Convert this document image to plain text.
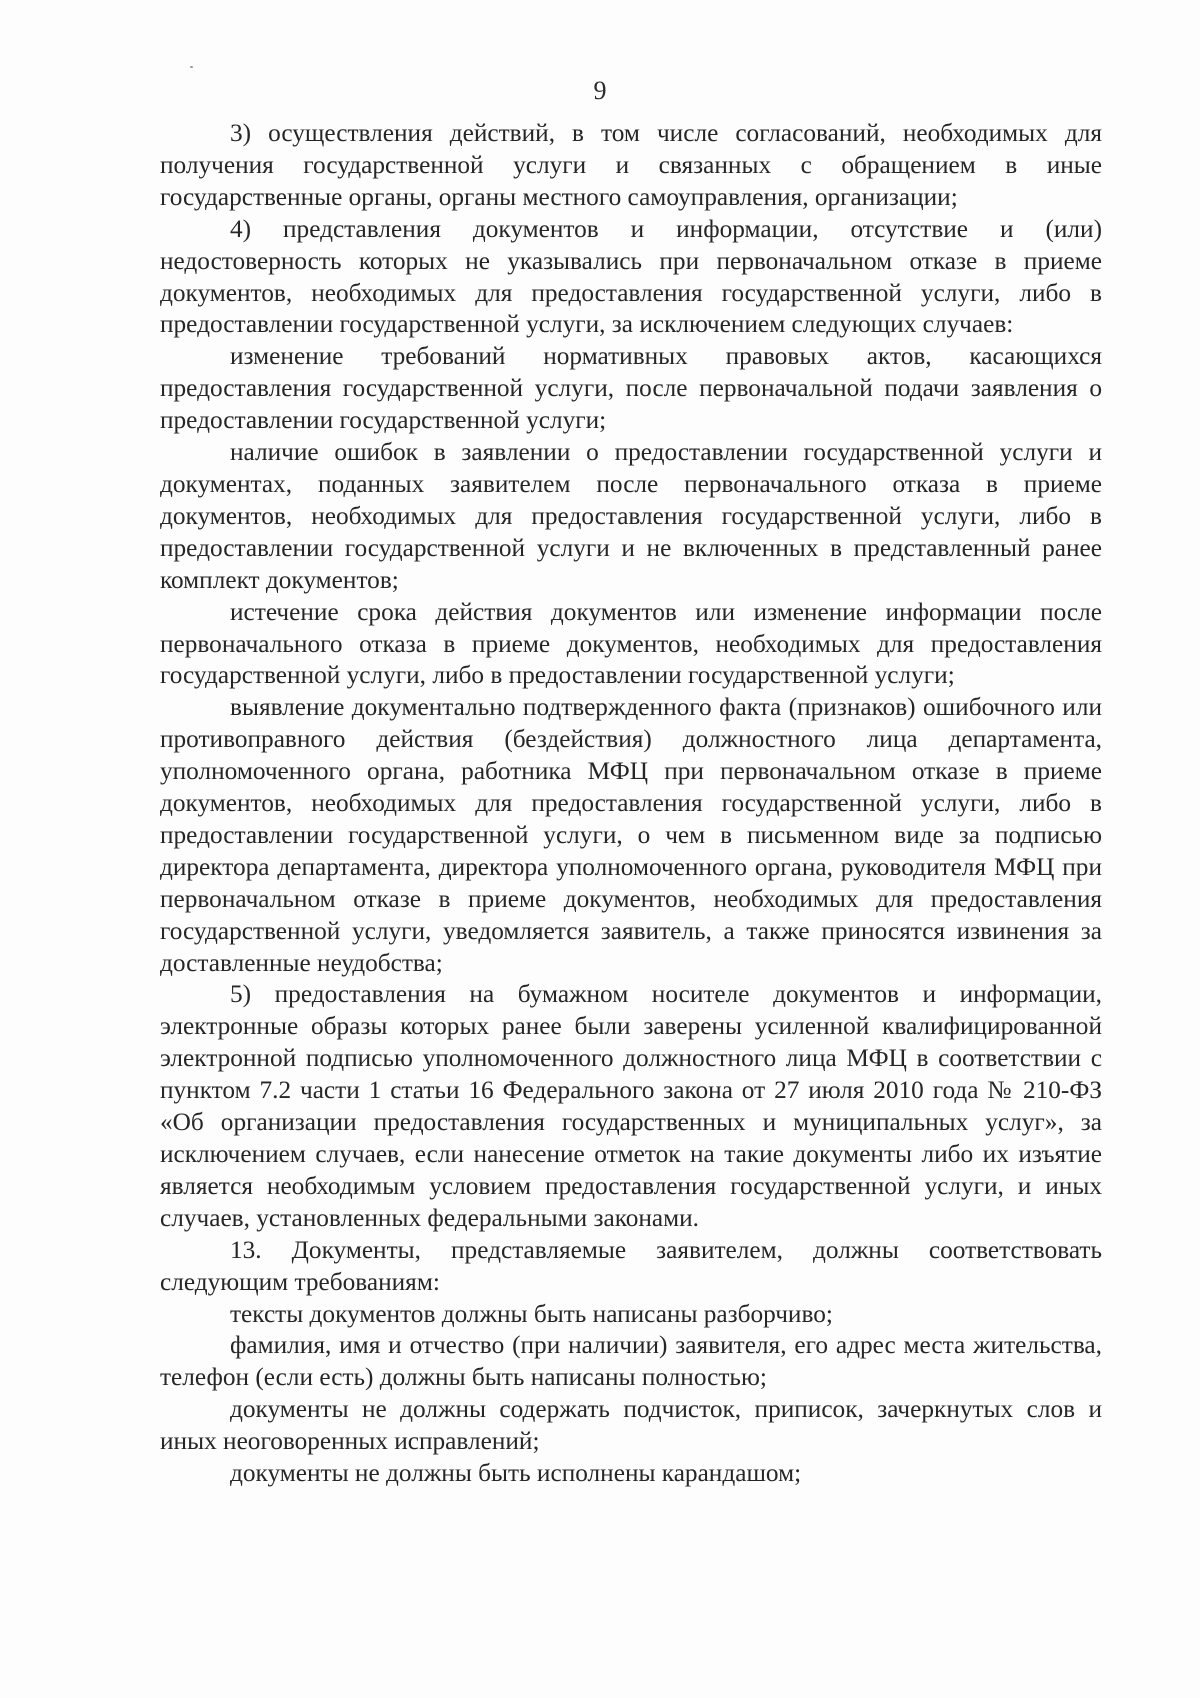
9

3) осуществления действий, в том числе согласований, необходимых для получения государственной услуги и связанных с обращением в иные государственные органы, органы местного самоуправления, организации;

4) представления документов и информации, отсутствие и (или) недостоверность которых не указывались при первоначальном отказе в приеме документов, необходимых для предоставления государственной услуги, либо в предоставлении государственной услуги, за исключением следующих случаев:

изменение требований нормативных правовых актов, касающихся предоставления государственной услуги, после первоначальной подачи заявления о предоставлении государственной услуги;

наличие ошибок в заявлении о предоставлении государственной услуги и документах, поданных заявителем после первоначального отказа в приеме документов, необходимых для предоставления государственной услуги, либо в предоставлении государственной услуги и не включенных в представленный ранее комплект документов;

истечение срока действия документов или изменение информации после первоначального отказа в приеме документов, необходимых для предоставления государственной услуги, либо в предоставлении государственной услуги;

выявление документально подтвержденного факта (признаков) ошибочного или противоправного действия (бездействия) должностного лица департамента, уполномоченного органа, работника МФЦ при первоначальном отказе в приеме документов, необходимых для предоставления государственной услуги, либо в предоставлении государственной услуги, о чем в письменном виде за подписью директора департамента, директора уполномоченного органа, руководителя МФЦ при первоначальном отказе в приеме документов, необходимых для предоставления государственной услуги, уведомляется заявитель, а также приносятся извинения за доставленные неудобства;

5) предоставления на бумажном носителе документов и информации, электронные образы которых ранее были заверены усиленной квалифицированной электронной подписью уполномоченного должностного лица МФЦ в соответствии с пунктом 7.2 части 1 статьи 16 Федерального закона от 27 июля 2010 года № 210-ФЗ «Об организации предоставления государственных и муниципальных услуг», за исключением случаев, если нанесение отметок на такие документы либо их изъятие является необходимым условием предоставления государственной услуги, и иных случаев, установленных федеральными законами.

13. Документы, представляемые заявителем, должны соответствовать следующим требованиям:

тексты документов должны быть написаны разборчиво;

фамилия, имя и отчество (при наличии) заявителя, его адрес места жительства, телефон (если есть) должны быть написаны полностью;

документы не должны содержать подчисток, приписок, зачеркнутых слов и иных неоговоренных исправлений;

документы не должны быть исполнены карандашом;
